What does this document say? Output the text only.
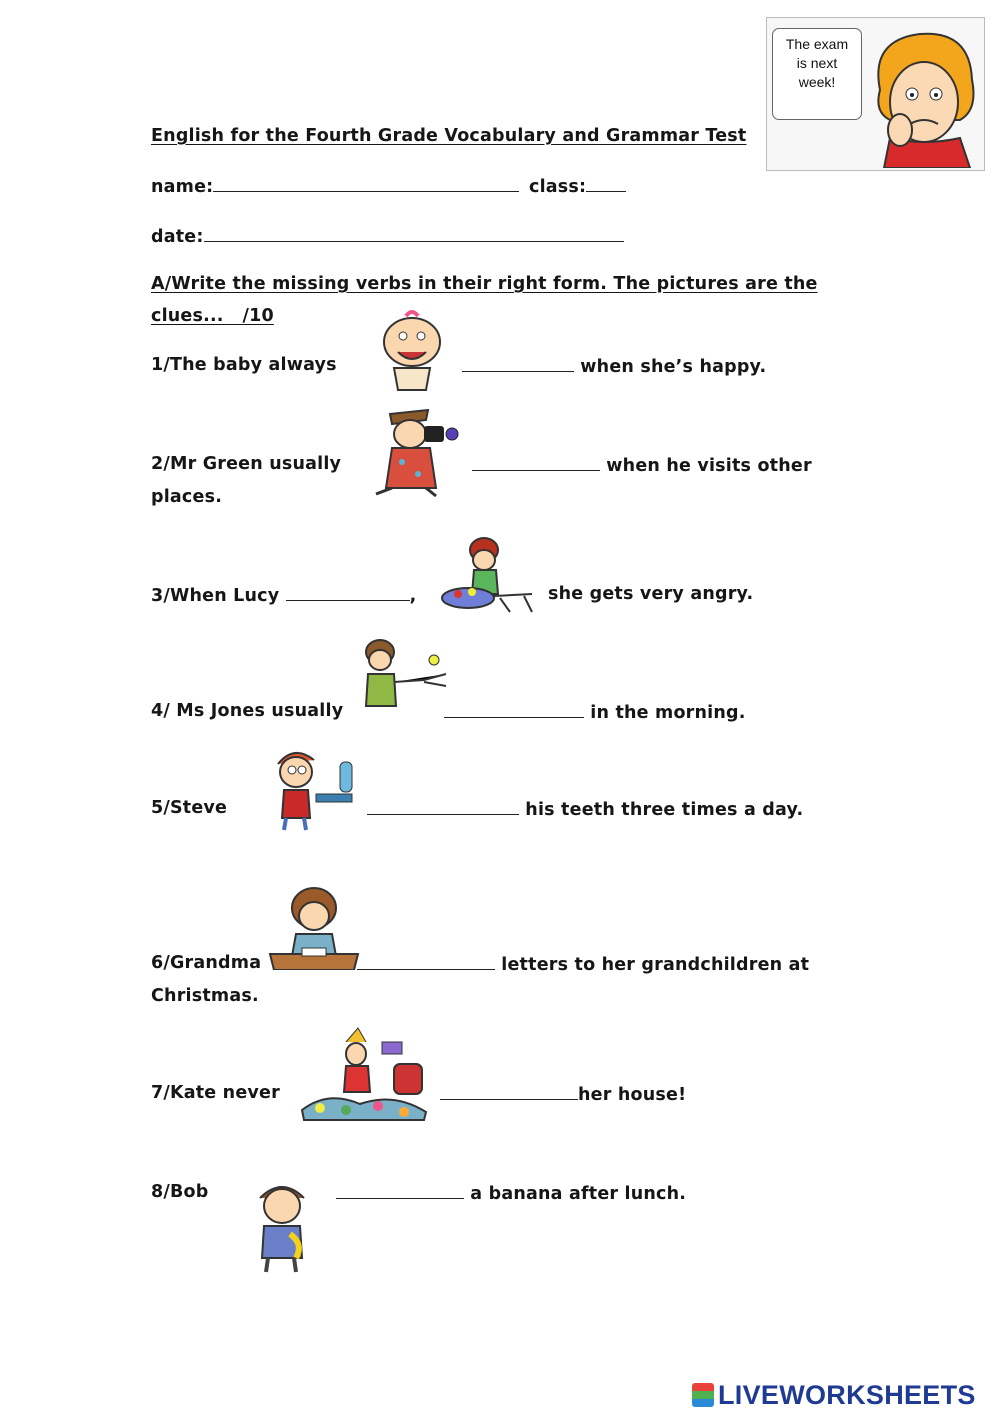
The exam
is next
week!
English for the Fourth Grade Vocabulary and Grammar Test
name:	class:
date:
A/Write the missing verbs in their right form. The pictures are the
clues...   /10
1/The baby always	when she’s happy.
2/Mr Green usually	when he visits other
places.
3/When Lucy	,	she gets very angry.
4/ Ms Jones usually	in the morning.
5/Steve	his teeth three times a day.
6/Grandma	letters to her grandchildren at
Christmas.
7/Kate never	her house!
8/Bob	a banana after lunch.
LIVEWORKSHEETS
